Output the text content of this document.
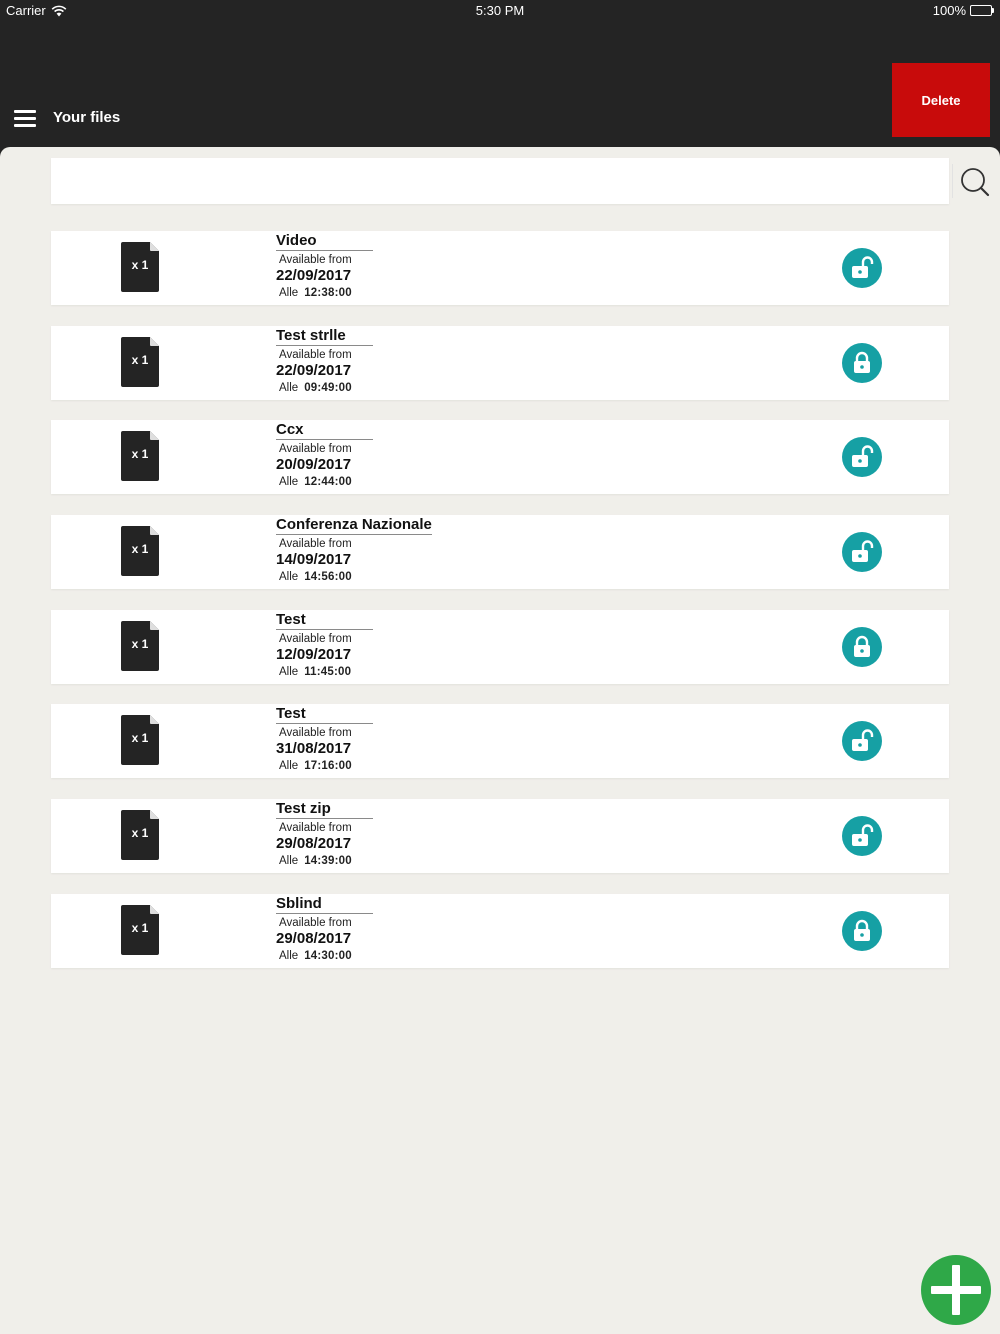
Carrier	5:30 PM	100%
Your files
Delete
x 1
Video
Available from
22/09/2017
Alle 12:38:00
x 1
Test strlle
Available from
22/09/2017
Alle 09:49:00
x 1
Ccx
Available from
20/09/2017
Alle 12:44:00
x 1
Conferenza Nazionale
Available from
14/09/2017
Alle 14:56:00
x 1
Test
Available from
12/09/2017
Alle 11:45:00
x 1
Test
Available from
31/08/2017
Alle 17:16:00
x 1
Test zip
Available from
29/08/2017
Alle 14:39:00
x 1
Sblind
Available from
29/08/2017
Alle 14:30:00
